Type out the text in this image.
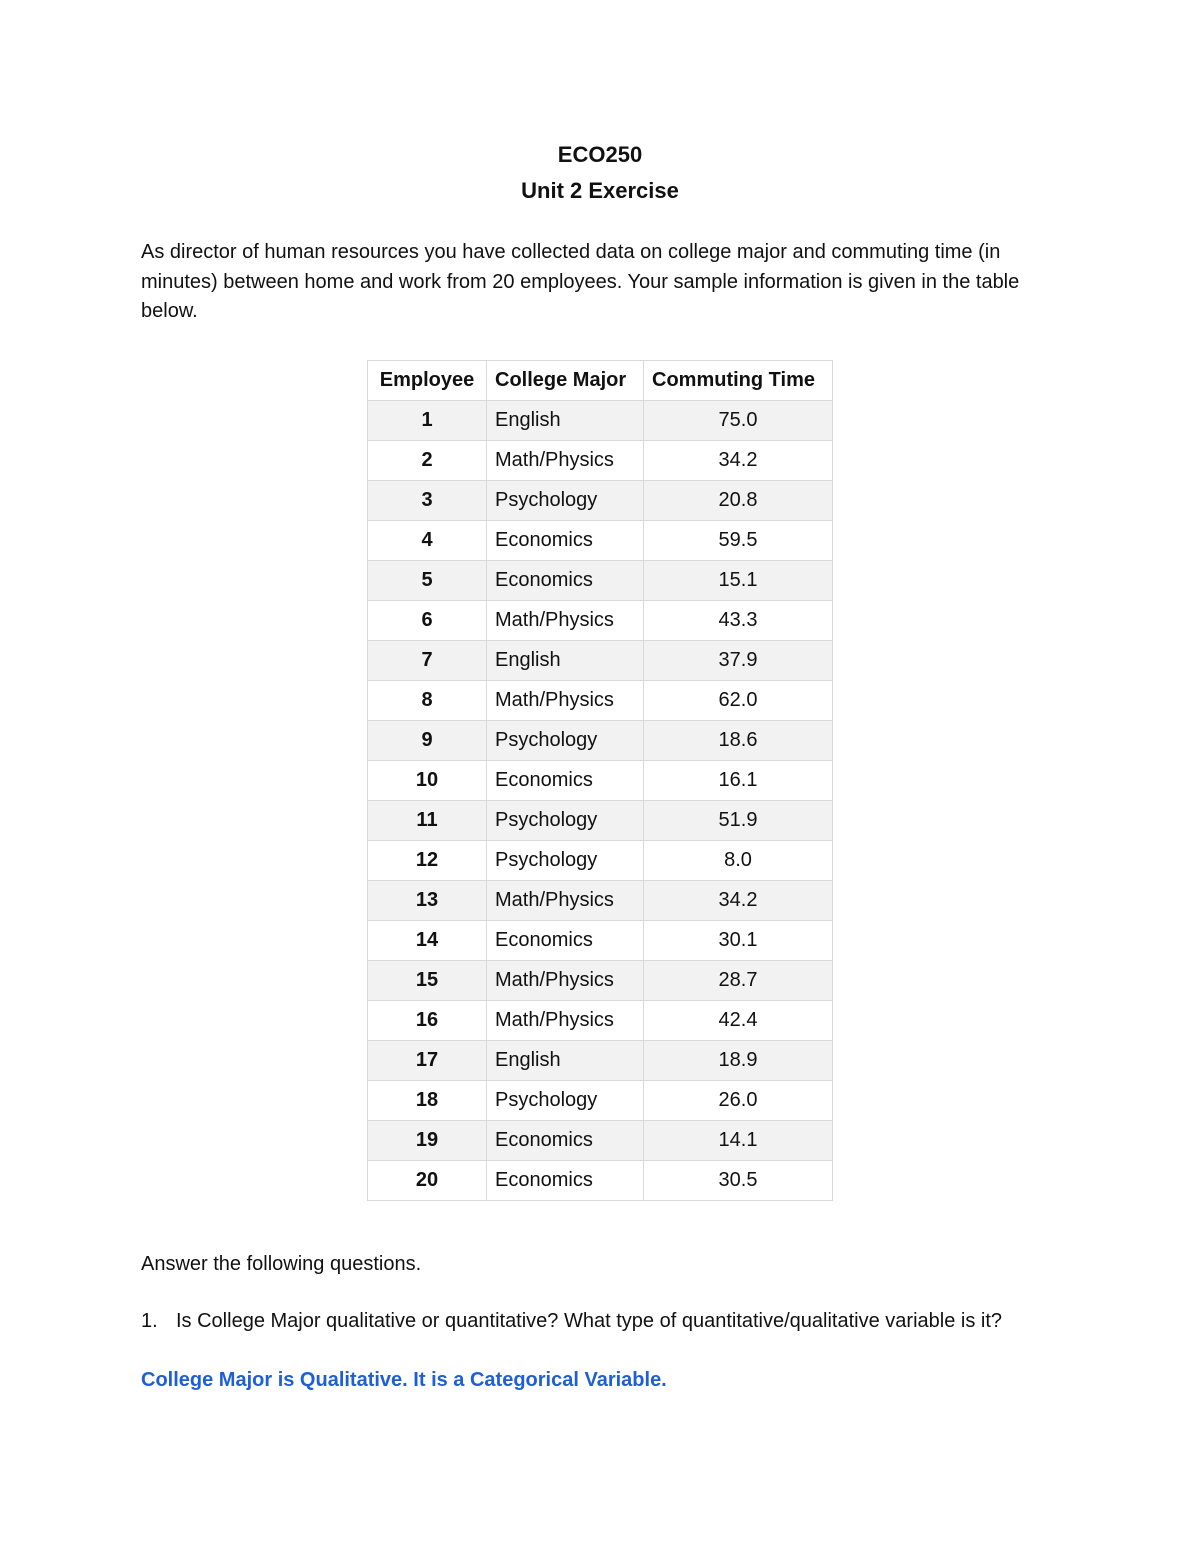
ECO250
Unit 2 Exercise
As director of human resources you have collected data on college major and commuting time (in minutes) between home and work from 20 employees. Your sample information is given in the table below.
Employee	College Major	Commuting Time
1	English	75.0
2	Math/Physics	34.2
3	Psychology	20.8
4	Economics	59.5
5	Economics	15.1
6	Math/Physics	43.3
7	English	37.9
8	Math/Physics	62.0
9	Psychology	18.6
10	Economics	16.1
11	Psychology	51.9
12	Psychology	8.0
13	Math/Physics	34.2
14	Economics	30.1
15	Math/Physics	28.7
16	Math/Physics	42.4
17	English	18.9
18	Psychology	26.0
19	Economics	14.1
20	Economics	30.5
Answer the following questions.
1. Is College Major qualitative or quantitative? What type of quantitative/qualitative variable is it?
College Major is Qualitative. It is a Categorical Variable.
